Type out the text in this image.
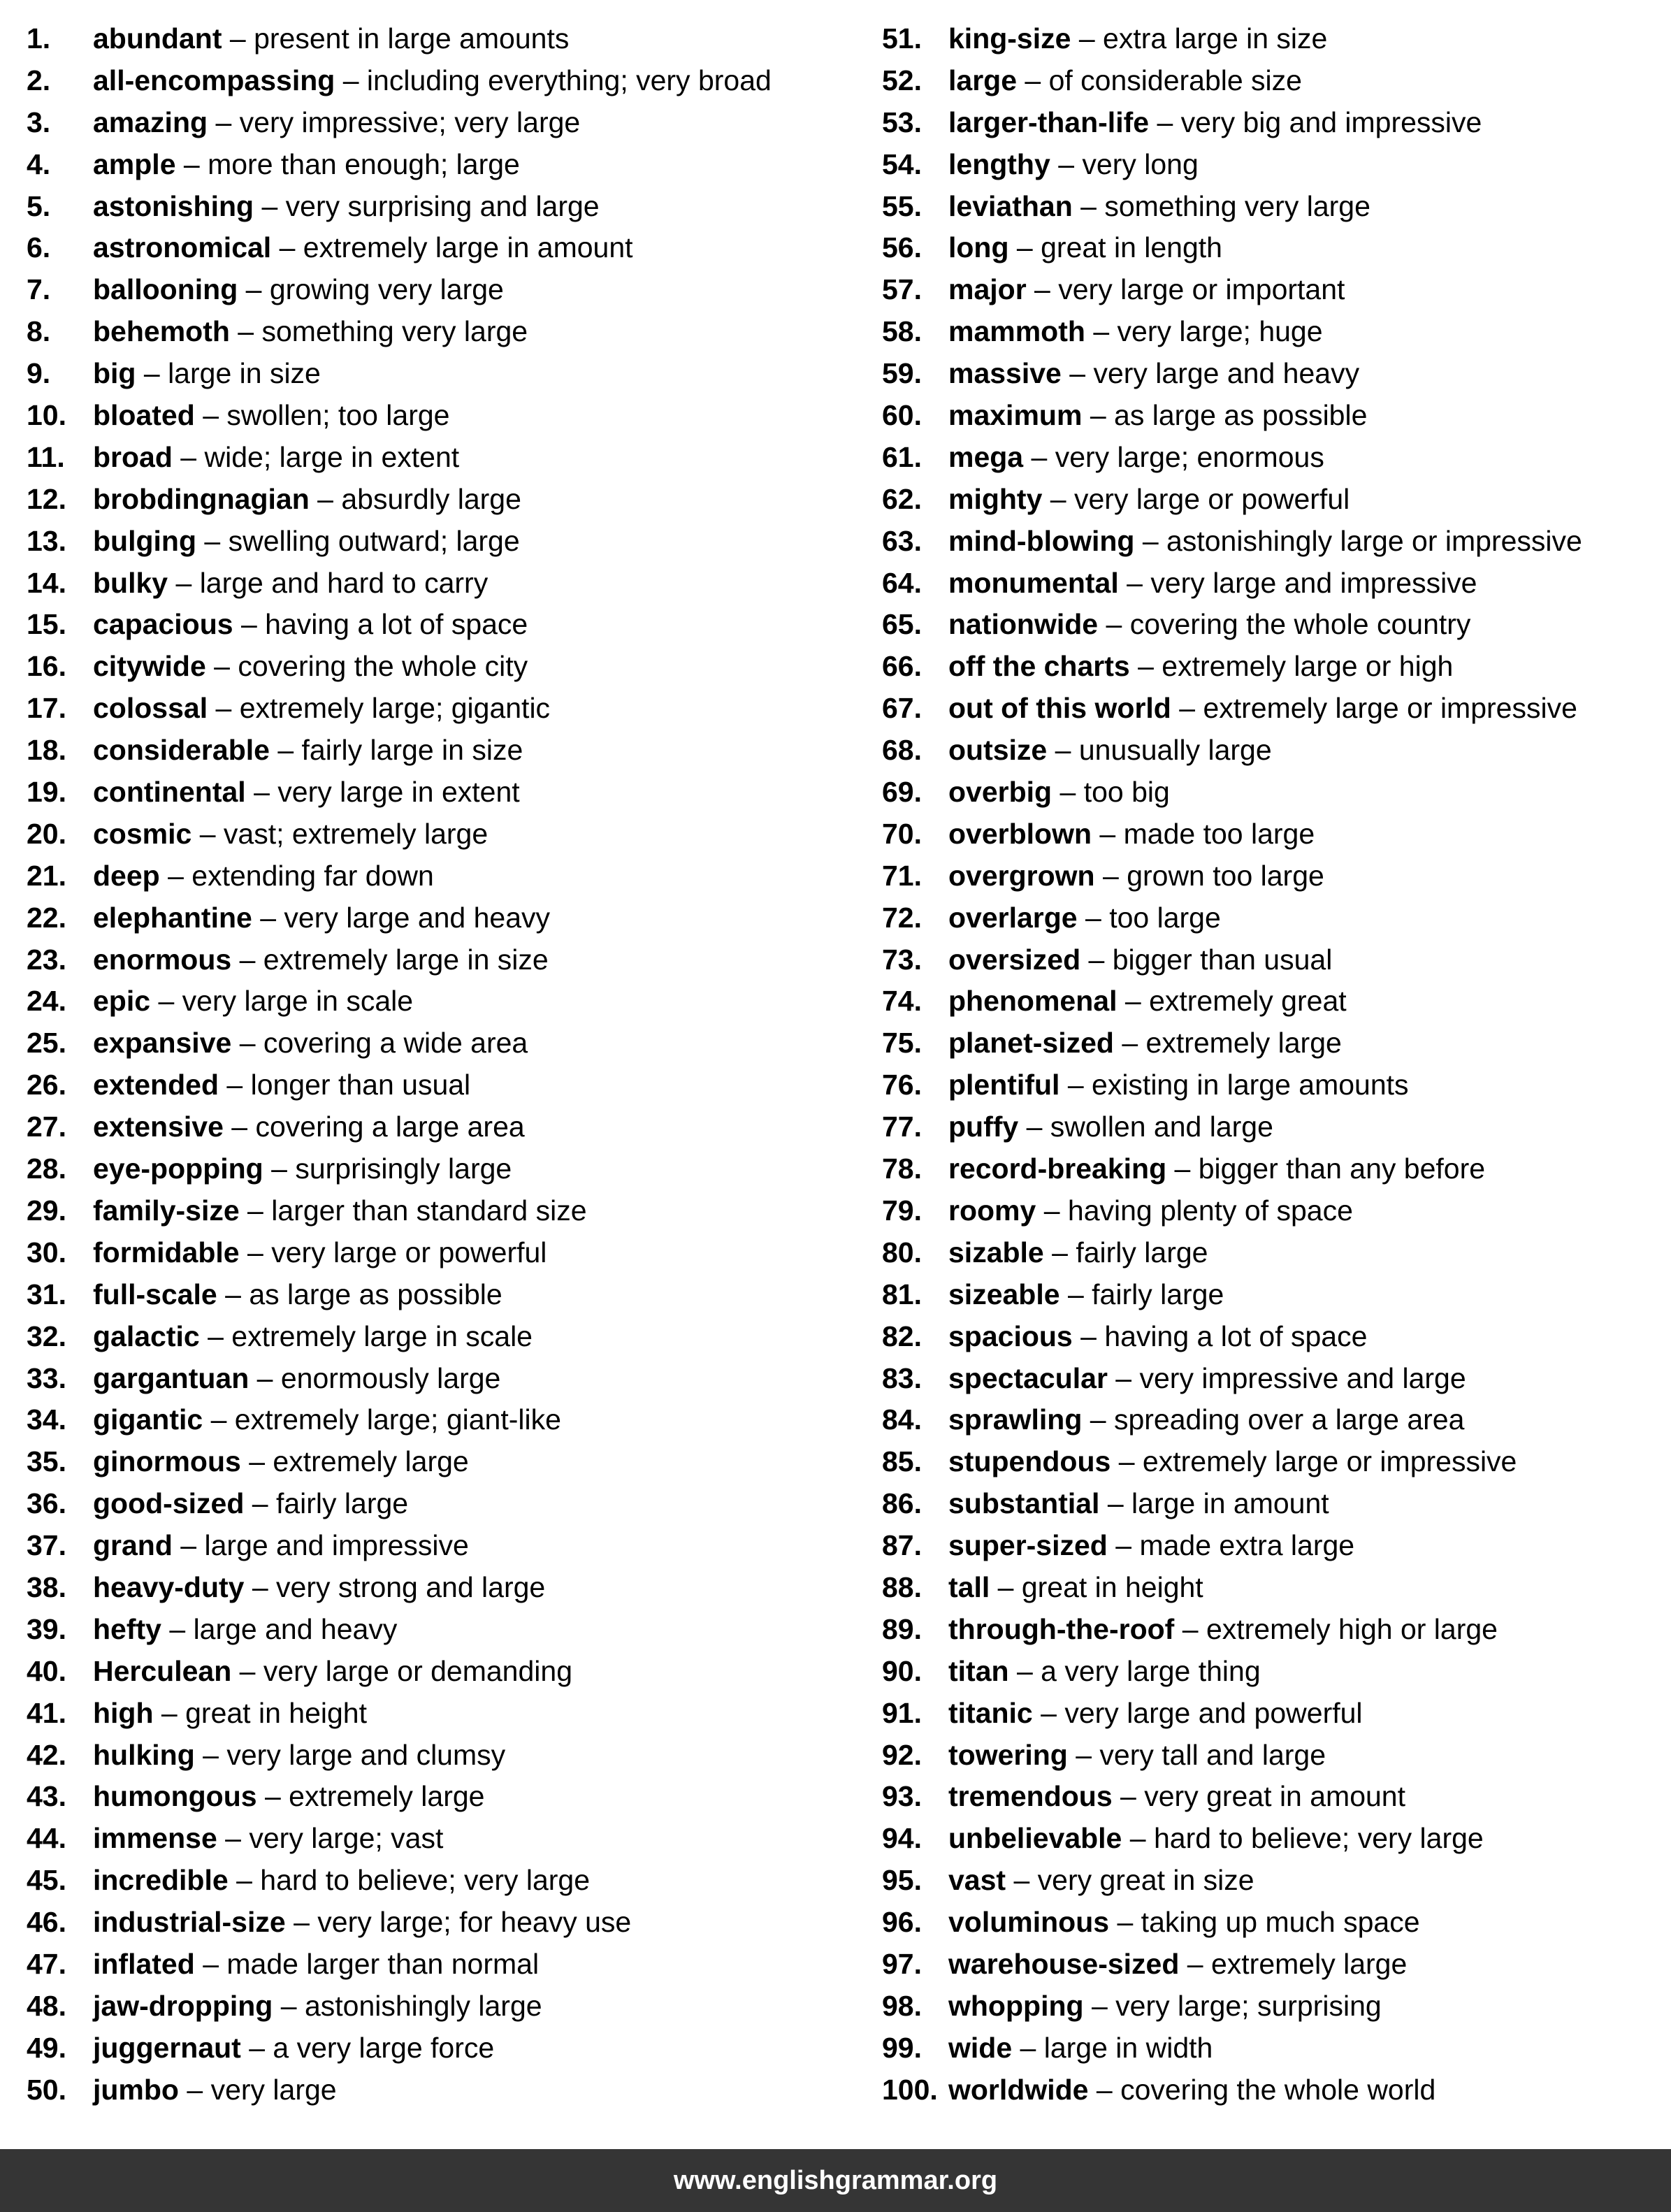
1. abundant – present in large amounts
2. all-encompassing – including everything; very broad
3. amazing – very impressive; very large
4. ample – more than enough; large
5. astonishing – very surprising and large
6. astronomical – extremely large in amount
7. ballooning – growing very large
8. behemoth – something very large
9. big – large in size
10. bloated – swollen; too large
11. broad – wide; large in extent
12. brobdingnagian – absurdly large
13. bulging – swelling outward; large
14. bulky – large and hard to carry
15. capacious – having a lot of space
16. citywide – covering the whole city
17. colossal – extremely large; gigantic
18. considerable – fairly large in size
19. continental – very large in extent
20. cosmic – vast; extremely large
21. deep – extending far down
22. elephantine – very large and heavy
23. enormous – extremely large in size
24. epic – very large in scale
25. expansive – covering a wide area
26. extended – longer than usual
27. extensive – covering a large area
28. eye-popping – surprisingly large
29. family-size – larger than standard size
30. formidable – very large or powerful
31. full-scale – as large as possible
32. galactic – extremely large in scale
33. gargantuan – enormously large
34. gigantic – extremely large; giant-like
35. ginormous – extremely large
36. good-sized – fairly large
37. grand – large and impressive
38. heavy-duty – very strong and large
39. hefty – large and heavy
40. Herculean – very large or demanding
41. high – great in height
42. hulking – very large and clumsy
43. humongous – extremely large
44. immense – very large; vast
45. incredible – hard to believe; very large
46. industrial-size – very large; for heavy use
47. inflated – made larger than normal
48. jaw-dropping – astonishingly large
49. juggernaut – a very large force
50. jumbo – very large
51. king-size – extra large in size
52. large – of considerable size
53. larger-than-life – very big and impressive
54. lengthy – very long
55. leviathan – something very large
56. long – great in length
57. major – very large or important
58. mammoth – very large; huge
59. massive – very large and heavy
60. maximum – as large as possible
61. mega – very large; enormous
62. mighty – very large or powerful
63. mind-blowing – astonishingly large or impressive
64. monumental – very large and impressive
65. nationwide – covering the whole country
66. off the charts – extremely large or high
67. out of this world – extremely large or impressive
68. outsize – unusually large
69. overbig – too big
70. overblown – made too large
71. overgrown – grown too large
72. overlarge – too large
73. oversized – bigger than usual
74. phenomenal – extremely great
75. planet-sized – extremely large
76. plentiful – existing in large amounts
77. puffy – swollen and large
78. record-breaking – bigger than any before
79. roomy – having plenty of space
80. sizable – fairly large
81. sizeable – fairly large
82. spacious – having a lot of space
83. spectacular – very impressive and large
84. sprawling – spreading over a large area
85. stupendous – extremely large or impressive
86. substantial – large in amount
87. super-sized – made extra large
88. tall – great in height
89. through-the-roof – extremely high or large
90. titan – a very large thing
91. titanic – very large and powerful
92. towering – very tall and large
93. tremendous – very great in amount
94. unbelievable – hard to believe; very large
95. vast – very great in size
96. voluminous – taking up much space
97. warehouse-sized – extremely large
98. whopping – very large; surprising
99. wide – large in width
100. worldwide – covering the whole world
www.englishgrammar.org
